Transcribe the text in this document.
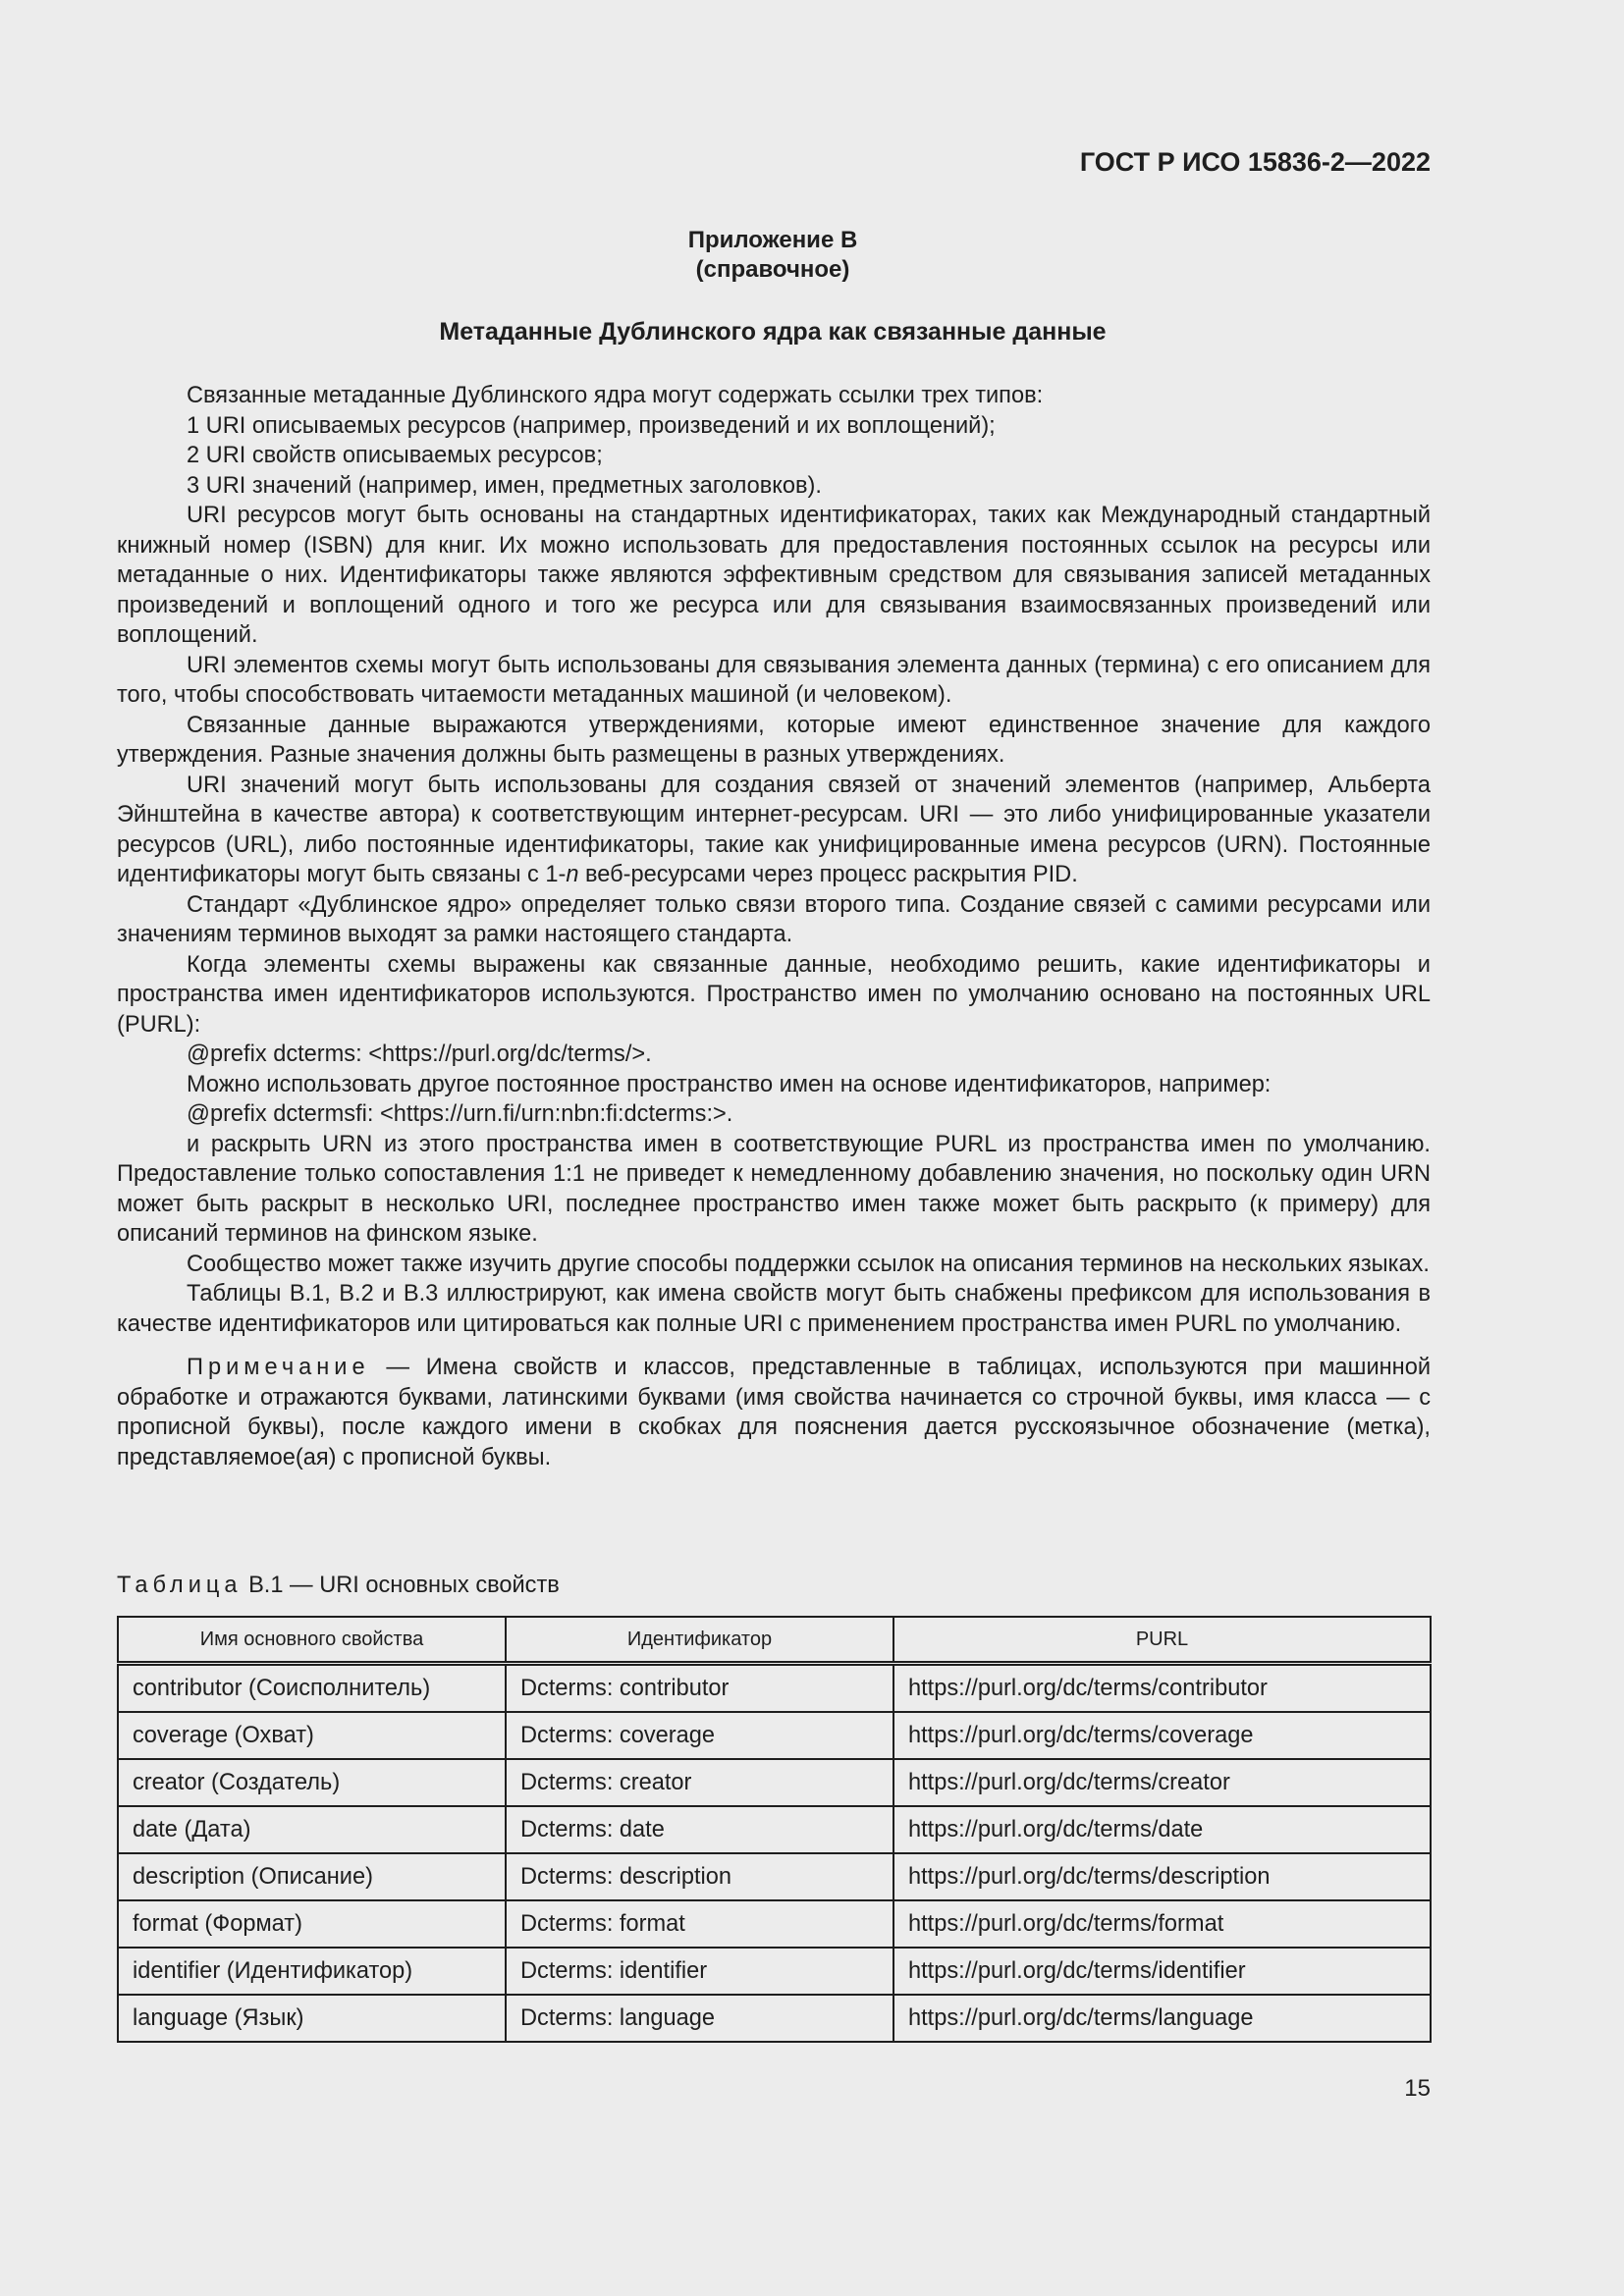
ГОСТ Р ИСО 15836-2—2022
Приложение В
(справочное)
Метаданные Дублинского ядра как связанные данные

Связанные метаданные Дублинского ядра могут содержать ссылки трех типов:

1 URI описываемых ресурсов (например, произведений и их воплощений);

2 URI свойств описываемых ресурсов;

3 URI значений (например, имен, предметных заголовков).

URI ресурсов могут быть основаны на стандартных идентификаторах, таких как Международный стандартный книжный номер (ISBN) для книг. Их можно использовать для предоставления постоянных ссылок на ресурсы или метаданные о них. Идентификаторы также являются эффективным средством для связывания записей метаданных произведений и воплощений одного и того же ресурса или для связывания взаимосвязанных произведений или воплощений.

URI элементов схемы могут быть использованы для связывания элемента данных (термина) с его описанием для того, чтобы способствовать читаемости метаданных машиной (и человеком).

Связанные данные выражаются утверждениями, которые имеют единственное значение для каждого утверждения. Разные значения должны быть размещены в разных утверждениях.

URI значений могут быть использованы для создания связей от значений элементов (например, Альберта Эйнштейна в качестве автора) к соответствующим интернет-ресурсам. URI — это либо унифицированные указатели ресурсов (URL), либо постоянные идентификаторы, такие как унифицированные имена ресурсов (URN). Постоянные идентификаторы могут быть связаны с 1-n веб-ресурсами через процесс раскрытия PID.

Стандарт «Дублинское ядро» определяет только связи второго типа. Создание связей с самими ресурсами или значениям терминов выходят за рамки настоящего стандарта.

Когда элементы схемы выражены как связанные данные, необходимо решить, какие идентификаторы и пространства имен идентификаторов используются. Пространство имен по умолчанию основано на постоянных URL (PURL):

@prefix dcterms: <https://purl.org/dc/terms/>.

Можно использовать другое постоянное пространство имен на основе идентификаторов, например:

@prefix dctermsfi: <https://urn.fi/urn:nbn:fi:dcterms:>.

и раскрыть URN из этого пространства имен в соответствующие PURL из пространства имен по умолчанию. Предоставление только сопоставления 1:1 не приведет к немедленному добавлению значения, но поскольку один URN может быть раскрыт в несколько URI, последнее пространство имен также может быть раскрыто (к примеру) для описаний терминов на финском языке.

Сообщество может также изучить другие способы поддержки ссылок на описания терминов на нескольких языках.

Таблицы В.1, В.2 и В.3 иллюстрируют, как имена свойств могут быть снабжены префиксом для использования в качестве идентификаторов или цитироваться как полные URI с применением пространства имен PURL по умолчанию.

Примечание — Имена свойств и классов, представленные в таблицах, используются при машинной обработке и отражаются буквами, латинскими буквами (имя свойства начинается со строчной буквы, имя класса — с прописной буквы), после каждого имени в скобках для пояснения дается русскоязычное обозначение (метка), представляемое(ая) с прописной буквы.

Таблица В.1 — URI основных свойств
Имя основного свойства	Идентификатор	PURL
contributor (Соисполнитель)	Dcterms: contributor	https://purl.org/dc/terms/contributor
coverage (Охват)	Dcterms: coverage	https://purl.org/dc/terms/coverage
creator (Создатель)	Dcterms: creator	https://purl.org/dc/terms/creator
date (Дата)	Dcterms: date	https://purl.org/dc/terms/date
description (Описание)	Dcterms: description	https://purl.org/dc/terms/description
format (Формат)	Dcterms: format	https://purl.org/dc/terms/format
identifier (Идентификатор)	Dcterms: identifier	https://purl.org/dc/terms/identifier
language (Язык)	Dcterms: language	https://purl.org/dc/terms/language
15
